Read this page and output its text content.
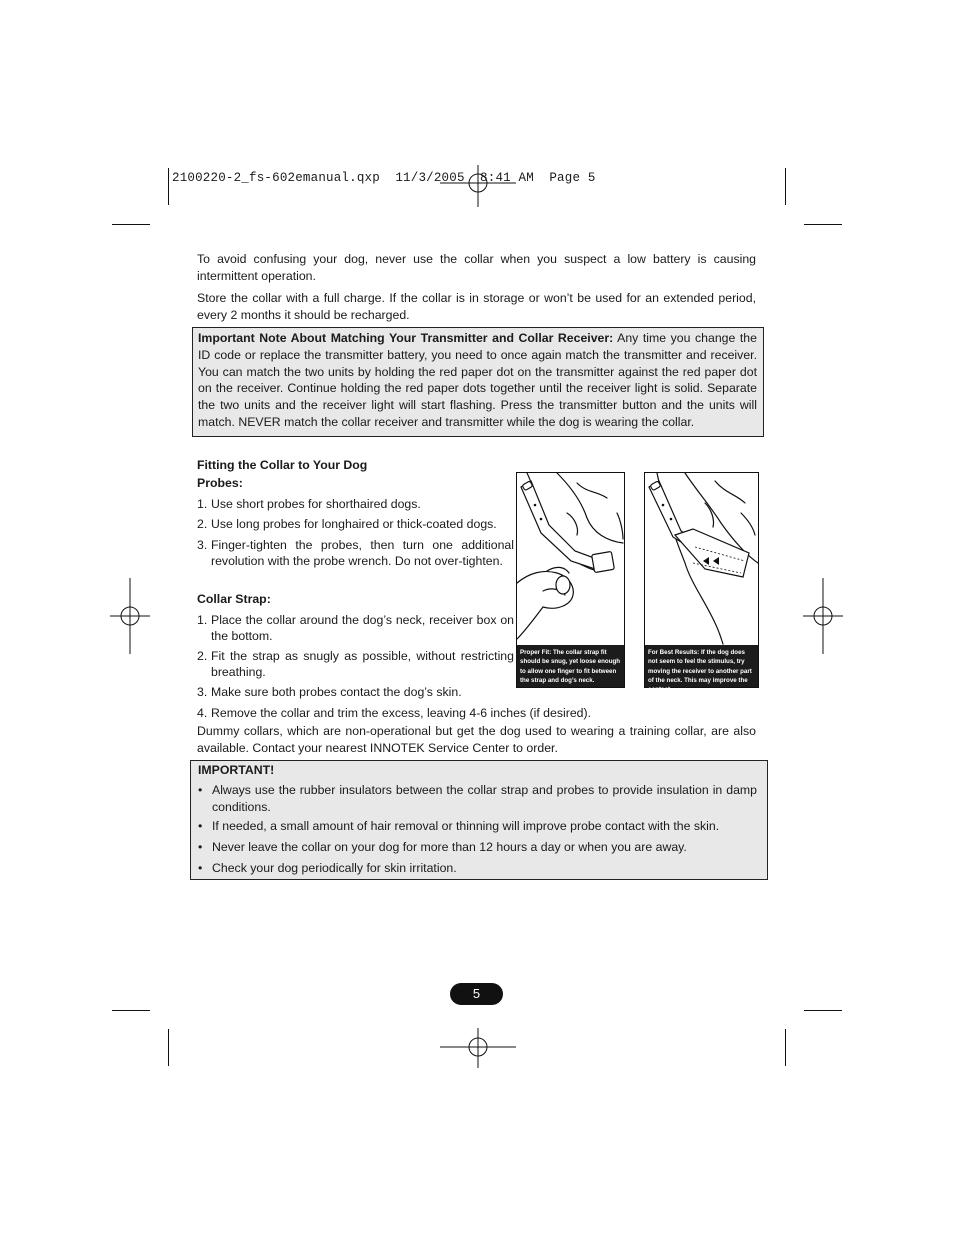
2100220-2_fs-602emanual.qxp  11/3/2005  8:41 AM  Page 5
To avoid confusing your dog, never use the collar when you suspect a low battery is causing intermittent operation.
Store the collar with a full charge. If the collar is in storage or won’t be used for an extended period, every 2 months it should be recharged.
Important Note About Matching Your Transmitter and Collar Receiver: Any time you change the ID code or replace the transmitter battery, you need to once again match the transmitter and receiver. You can match the two units by holding the red paper dot on the transmitter against the red paper dot on the receiver. Continue holding the red paper dots together until the receiver light is solid. Separate the two units and the receiver light will start flashing. Press the transmitter button and the units will match. NEVER match the collar receiver and transmitter while the dog is wearing the collar.
Fitting the Collar to Your Dog
Probes:
1. Use short probes for shorthaired dogs.
2. Use long probes for longhaired or thick-coated dogs.
3. Finger-tighten the probes, then turn one additional revolution with the probe wrench. Do not over-tighten.
Collar Strap:
1. Place the collar around the dog’s neck, receiver box on the bottom.
2. Fit the strap as snugly as possible, without restricting breathing.
3. Make sure both probes contact the dog’s skin.
4. Remove the collar and trim the excess, leaving 4-6 inches (if desired).
Dummy collars, which are non-operational but get the dog used to wearing a training collar, are also available. Contact your nearest INNOTEK Service Center to order.
Proper Fit: The collar strap fit should be snug, yet loose enough to allow one finger to fit between the strap and dog’s neck.
For Best Results: If the dog does not seem to feel the stimulus, try moving the receiver to another part of the neck. This may improve the contact.
IMPORTANT!
• Always use the rubber insulators between the collar strap and probes to provide insulation in damp conditions.
• If needed, a small amount of hair removal or thinning will improve probe contact with the skin.
• Never leave the collar on your dog for more than 12 hours a day or when you are away.
• Check your dog periodically for skin irritation.
5
